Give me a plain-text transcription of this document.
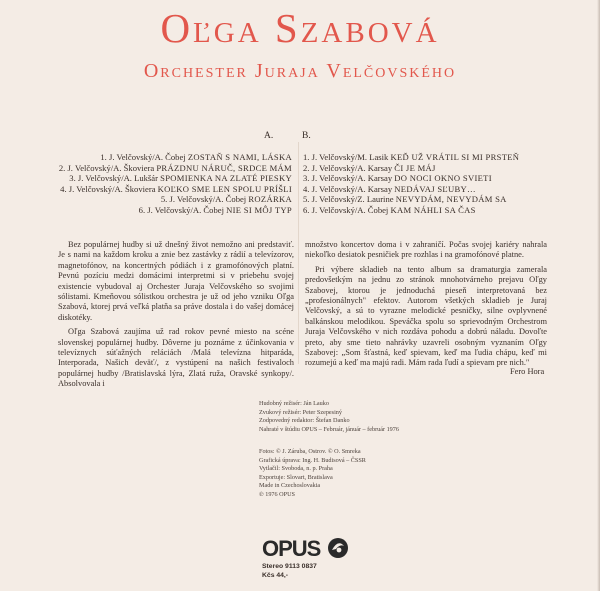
Oľga Szabová
Orchester Juraja Velčovského
A.	B.
1. J. Velčovský/A. Čobej ZOSTAŇ S NAMI, LÁSKA
2. J. Velčovský/A. Škoviera PRÁZDNU NÁRUČ, SRDCE MÁM
3. J. Velčovský/A. Lukšár SPOMIENKA NA ZLATÉ PIESKY
4. J. Velčovský/A. Škoviera KOĽKO SME LEN SPOLU PRÍŠLI
5. J. Velčovský/A. Čobej ROZÁRKA
6. J. Velčovský/A. Čobej NIE SI MÔJ TYP
1. J. Velčovský/M. Lasik KEĎ UŽ VRÁTIL SI MI PRSTEŇ
2. J. Velčovský/A. Karsay ČI JE MÁJ
3. J. Velčovský/A. Karsay DO NOCI OKNO SVIETI
4. J. Velčovský/A. Karsay NEDÁVAJ SĽUBY…
5. J. Velčovský/Z. Laurine NEVYDÁM, NEVYDÁM SA
6. J. Velčovský/A. Čobej KAM NÁHLI SA ČAS

Bez populárnej hudby si už dnešný život nemožno ani predstaviť. Je s nami na každom kroku a znie bez zastávky z rádií a televízorov, magnetofónov, na koncertných pódiách i z gramofónových platní. Pevnú pozíciu medzi domácimi interpretmi si v priebehu svojej existencie vybudoval aj Orchester Juraja Velčovského so svojimi sólistami. Kmeňovou sólistkou orchestra je už od jeho vzniku Oľga Szabová, ktorej prvá veľká platňa sa práve dostala i do vašej domácej diskotéky.

Oľga Szabová zaujíma už rad rokov pevné miesto na scéne slovenskej populárnej hudby. Dôverne ju poznáme z účinkovania v televíznych súťažných reláciách /Malá televízna hitparáda, Interporada, Našich deväť/, z vystúpení na našich festivaloch populárnej hudby /Bratislavská lýra, Zlatá ruža, Oravské synkopy/. Absolvovala i

množstvo koncertov doma i v zahraničí. Počas svojej kariéry nahrala niekoľko desiatok pesničiek pre rozhlas i na gramofónové platne.

Pri výbere skladieb na tento album sa dramaturgia zamerala predovšetkým na jednu zo stránok mnohotvárneho prejavu Oľgy Szabovej, ktorou je jednoduchá pieseň interpretovaná bez „profesionálnych" efektov. Autorom všetkých skladieb je Juraj Velčovský, a sú to vyrazne melodické pesničky, silne ovplyvnené balkánskou melodikou. Speváčka spolu so sprievodným Orchestrom Juraja Velčovského v nich rozdáva pohodu a dobrú náladu. Dovoľte preto, aby sme tieto nahrávky uzavreli osobným vyznaním Oľgy Szabovej: „Som šťastná, keď spievam, keď ma ľudia chápu, keď mi rozumejú a keď ma majú radi. Mám rada ľudí a spievam pre nich."

Fero Hora
Hudobný režisér: Ján Lauko
Zvukový režisér: Peter Szepesiný
Zodpovedný redaktor: Štefan Danko
Nahraté v štúdiu OPUS – Február, jánuár – február 1976
Fotos: © J. Záruba, Ostrov. © O. Smreka
Grafická úprava: Ing. H. Budisová – ČSSR
Vytlačil: Svoboda, n. p. Praha
Exportuje: Slovart, Bratislava
Made in Czechoslovakia
℗ 1976 OPUS
OPUS
Stereo 9113 0837
Kčs 44,-
